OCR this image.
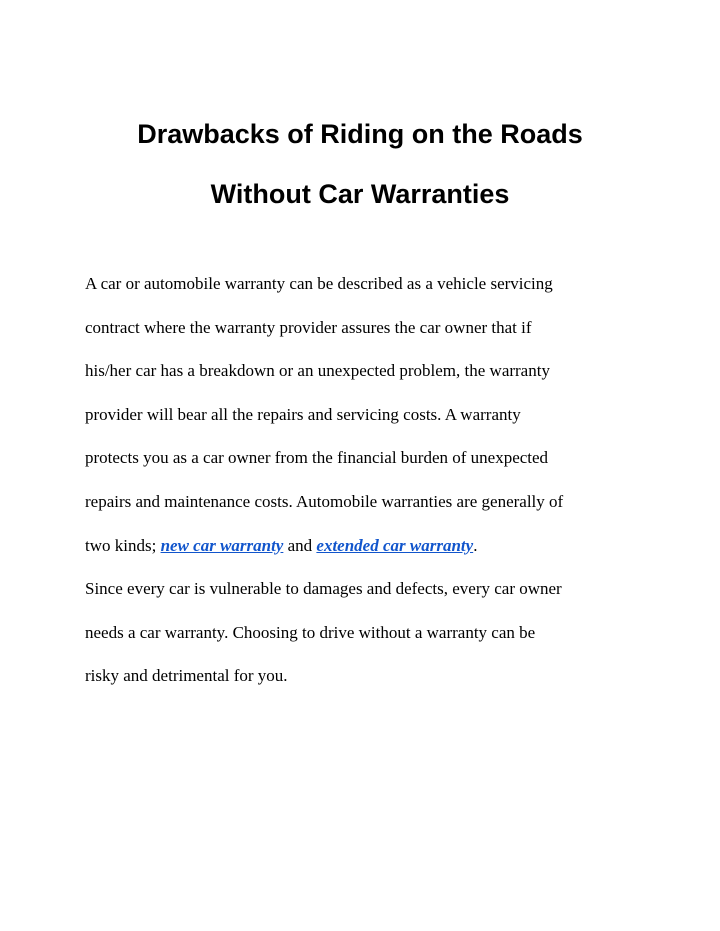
Drawbacks of Riding on the Roads
Without Car Warranties

A car or automobile warranty can be described as a vehicle servicing
contract where the warranty provider assures the car owner that if
his/her car has a breakdown or an unexpected problem, the warranty
provider will bear all the repairs and servicing costs. A warranty
protects you as a car owner from the financial burden of unexpected
repairs and maintenance costs. Automobile warranties are generally of
two kinds; new car warranty and extended car warranty.
Since every car is vulnerable to damages and defects, every car owner
needs a car warranty. Choosing to drive without a warranty can be
risky and detrimental for you.
